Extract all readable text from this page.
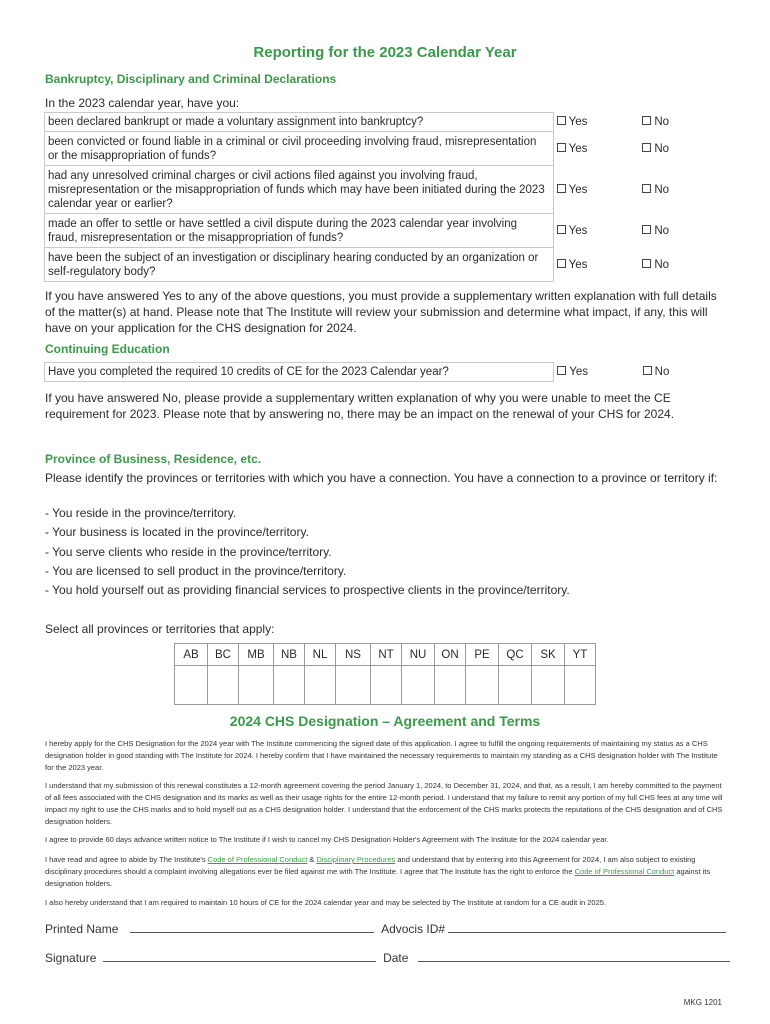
Reporting for the 2023 Calendar Year
Bankruptcy, Disciplinary and Criminal Declarations
In the 2023 calendar year, have you:
been declared bankrupt or made a voluntary assignment into bankruptcy?	Yes	No
been convicted or found liable in a criminal or civil proceeding involving fraud, misrepresentation or the misappropriation of funds?	Yes	No
had any unresolved criminal charges or civil actions filed against you involving fraud, misrepresentation or the misappropriation of funds which may have been initiated during the 2023 calendar year or earlier?	Yes	No
made an offer to settle or have settled a civil dispute during the 2023 calendar year involving fraud, misrepresentation or the misappropriation of funds?	Yes	No
have been the subject of an investigation or disciplinary hearing conducted by an organization or self-regulatory body?	Yes	No
If you have answered Yes to any of the above questions, you must provide a supplementary written explanation with full details of the matter(s) at hand. Please note that The Institute will review your submission and determine what impact, if any, this will have on your application for the CHS designation for 2024.
Continuing Education
Have you completed the required 10 credits of CE for the 2023 Calendar year?	Yes	No
If you have answered No, please provide a supplementary written explanation of why you were unable to meet the CE requirement for 2023. Please note that by answering no, there may be an impact on the renewal of your CHS for 2024.
Province of Business, Residence, etc.
Please identify the provinces or territories with which you have a connection. You have a connection to a province or territory if:
- You reside in the province/territory.
- Your business is located in the province/territory.
- You serve clients who reside in the province/territory.
- You are licensed to sell product in the province/territory.
- You hold yourself out as providing financial services to prospective clients in the province/territory.
Select all provinces or territories that apply:
AB	BC	MB	NB	NL	NS	NT	NU	ON	PE	QC	SK	YT

2024 CHS Designation – Agreement and Terms
I hereby apply for the CHS Designation for the 2024 year with The Institute commencing the signed date of this application. I agree to fulfill the ongoing requirements of maintaining my status as a CHS designation holder in good standing with The Institute for 2024. I hereby confirm that I have maintained the necessary requirements to maintain my standing as a CHS designation holder with The Institute for the 2023 year.
I understand that my submission of this renewal constitutes a 12-month agreement covering the period January 1, 2024, to December 31, 2024, and that, as a result, I am hereby committed to the payment of all fees associated with the CHS designation and its marks as well as their usage rights for the entire 12-month period. I understand that my failure to remit any portion of my full CHS fees at any time will impact my right to use the CHS marks and to hold myself out as a CHS designation holder. I understand that the enforcement of the CHS marks protects the reputations of the CHS designation and of CHS designation holders.
I agree to provide 60 days advance written notice to The Institute if I wish to cancel my CHS Designation Holder's Agreement with The Institute for the 2024 calendar year.
I have read and agree to abide by The Institute's Code of Professional Conduct & Disciplinary Procedures and understand that by entering into this Agreement for 2024, I am also subject to existing disciplinary procedures should a complaint involving allegations ever be filed against me with The Institute. I agree that The Institute has the right to enforce the Code of Professional Conduct against its designation holders.
I also hereby understand that I am required to maintain 10 hours of CE for the 2024 calendar year and may be selected by The Institute at random for a CE audit in 2025.
Printed Name	Advocis ID#
Signature	Date
MKG 1201
